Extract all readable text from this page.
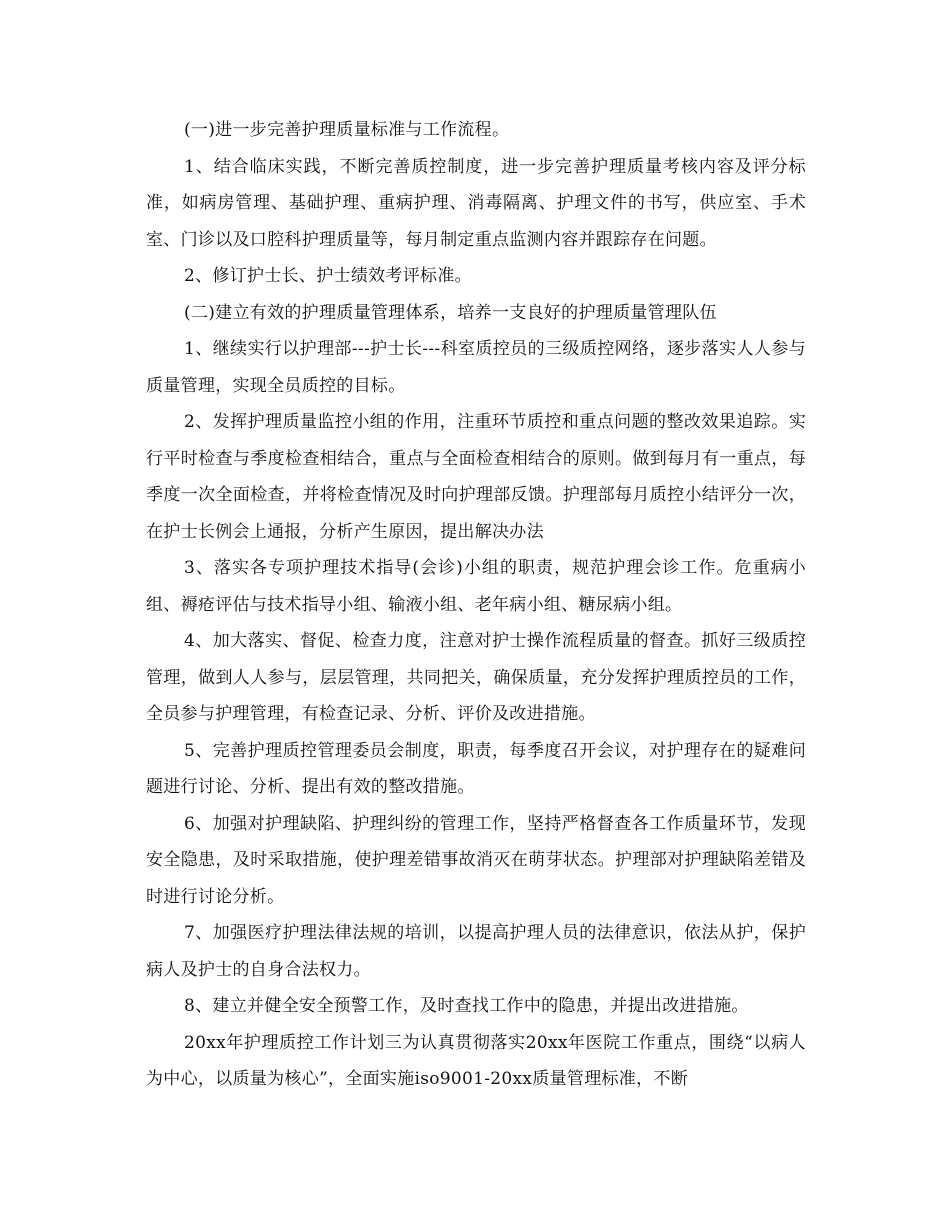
(一)进一步完善护理质量标准与工作流程。

1、结合临床实践，不断完善质控制度，进一步完善护理质量考核内容及评分标准，如病房管理、基础护理、重病护理、消毒隔离、护理文件的书写，供应室、手术室、门诊以及口腔科护理质量等，每月制定重点监测内容并跟踪存在问题。

2、修订护士长、护士绩效考评标准。

(二)建立有效的护理质量管理体系，培养一支良好的护理质量管理队伍

1、继续实行以护理部---护士长---科室质控员的三级质控网络，逐步落实人人参与质量管理，实现全员质控的目标。

2、发挥护理质量监控小组的作用，注重环节质控和重点问题的整改效果追踪。实行平时检查与季度检查相结合，重点与全面检查相结合的原则。做到每月有一重点，每季度一次全面检查，并将检查情况及时向护理部反馈。护理部每月质控小结评分一次，在护士长例会上通报，分析产生原因，提出解决办法

3、落实各专项护理技术指导(会诊)小组的职责，规范护理会诊工作。危重病小组、褥疮评估与技术指导小组、输液小组、老年病小组、糖尿病小组。

4、加大落实、督促、检查力度，注意对护士操作流程质量的督查。抓好三级质控管理，做到人人参与，层层管理，共同把关，确保质量，充分发挥护理质控员的工作，全员参与护理管理，有检查记录、分析、评价及改进措施。

5、完善护理质控管理委员会制度，职责，每季度召开会议，对护理存在的疑难问题进行讨论、分析、提出有效的整改措施。

6、加强对护理缺陷、护理纠纷的管理工作，坚持严格督查各工作质量环节，发现安全隐患，及时采取措施，使护理差错事故消灭在萌芽状态。护理部对护理缺陷差错及时进行讨论分析。

7、加强医疗护理法律法规的培训，以提高护理人员的法律意识，依法从护，保护病人及护士的自身合法权力。

8、建立并健全安全预警工作，及时查找工作中的隐患，并提出改进措施。

20xx年护理质控工作计划三为认真贯彻落实20xx年医院工作重点，围绕“以病人为中心，以质量为核心”，全面实施iso9001-20xx质量管理标准，不断
